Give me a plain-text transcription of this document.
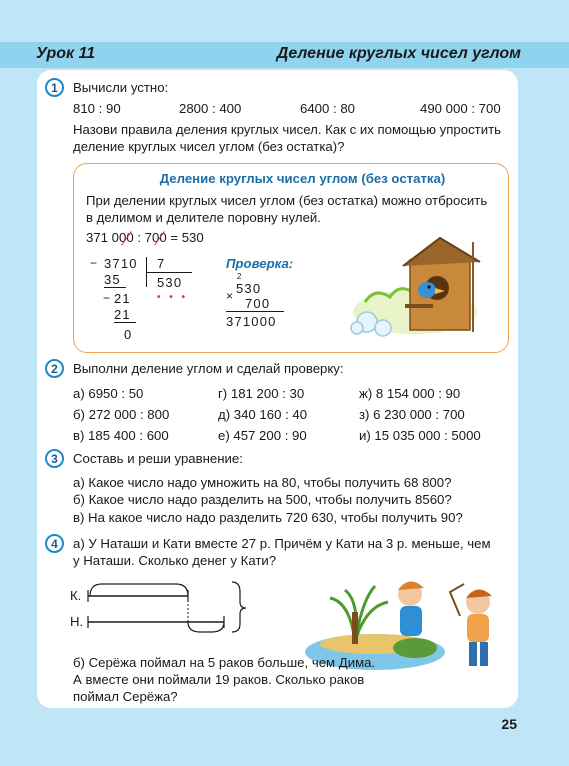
Урок 11	Деление круглых чисел углом
1	Вычисли устно:
810 : 90	2800 : 400	6400 : 80	490 000 : 700
Назови правила деления круглых чисел. Как с их помощью упростить
деление круглых чисел углом (без остатка)?
Деление круглых чисел углом (без остатка)
При делении круглых чисел углом (без остатка) можно отбросить
в делимом и делителе поровну нулей.
371 000 : 700 = 530
− 3710 7
530
• • •
35
− 21
21
0
Проверка:
2
530
× 700
371000
2	Выполни деление углом и сделай проверку:
а) 6950 : 50	г) 181 200 : 30	ж) 8 154 000 : 90
б) 272 000 : 800	д) 340 160 : 40	з) 6 230 000 : 700
в) 185 400 : 600	е) 457 200 : 90	и) 15 035 000 : 5000
3	Составь и реши уравнение:
а) Какое число надо умножить на 80, чтобы получить 68 800?
б) Какое число надо разделить на 500, чтобы получить 8560?
в) На какое число надо разделить 720 630, чтобы получить 90?
4	а) У Наташи и Кати вместе 27 р. Причём у Кати на 3 р. меньше, чем
у Наташи. Сколько денег у Кати?
К.
Н.
б) Серёжа поймал на 5 раков больше, чем Дима.
А вместе они поймали 19 раков. Сколько раков
поймал Серёжа?
25
